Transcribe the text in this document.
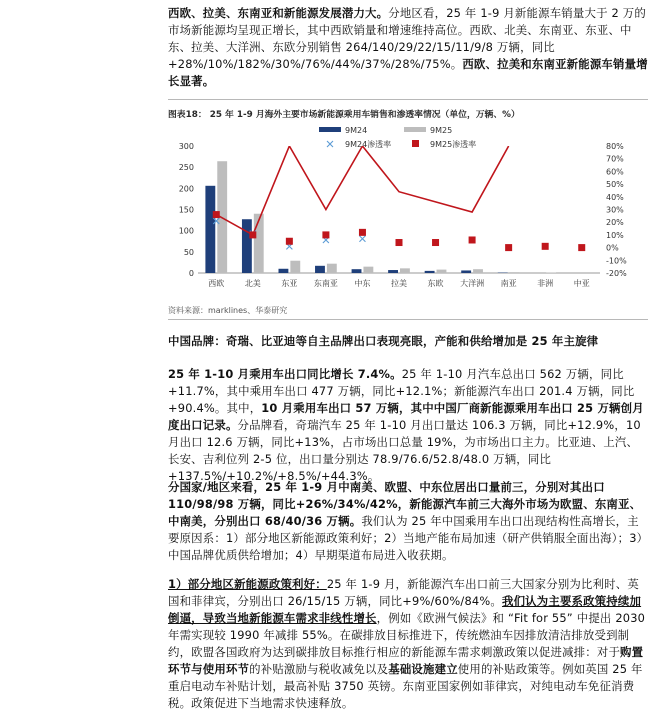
西欧、拉美、东南亚和新能源发展潜力大。分地区看，25 年 1-9 月新能源车销量大于 2 万的市场新能源均呈现正增长，其中西欧销量和增速维持高位。西欧、北美、东南亚、东亚、中东、拉美、大洋洲、东欧分别销售 264/140/29/22/15/11/9/8 万辆，同比+28%/10%/182%/30%/76%/44%/37%/28%/75%。西欧、拉美和东南亚新能源车销量增长显著。
图表18： 25 年 1-9 月海外主要市场新能源乘用车销售和渗透率情况（单位，万辆、%）
0
50
100
150
200
250
300
-20%
-10%
0%
10%
20%
30%
40%
50%
60%
70%
80%
西欧	北美	东亚 东南亚 中东	拉美	东欧 大洋洲 南亚	非洲	中亚
9M24	9M25
9M24渗透率	9M25渗透率
资料来源：marklines、华泰研究
中国品牌：奇瑞、比亚迪等自主品牌出口表现亮眼，产能和供给增加是 25 年主旋律
25 年 1-10 月乘用车出口同比增长 7.4%。25 年 1-10 月汽车总出口 562 万辆，同比+11.7%，其中乘用车出口 477 万辆，同比+12.1%；新能源汽车出口 201.4 万辆，同比+90.4%。其中，10 月乘用车出口 57 万辆，其中中国厂商新能源乘用车出口 25 万辆创月度出口记录。分品牌看，奇瑞汽车 25 年 1-10 月出口量达 106.3 万辆，同比+12.9%，10 月出口 12.6 万辆，同比+13%，占市场出口总量 19%，为市场出口主力。比亚迪、上汽、长安、吉利位列 2-5 位，出口量分别达 78.9/76.6/52.8/48.0 万辆，同比+137.5%/+10.2%/+8.5%/+44.3%。
分国家/地区来看，25 年 1-9 月中南美、欧盟、中东位居出口量前三，分别对其出口 110/98/98 万辆，同比+26%/34%/42%，新能源汽车前三大海外市场为欧盟、东南亚、中南美，分别出口 68/40/36 万辆。我们认为 25 年中国乘用车出口出现结构性高增长，主要原因系：1）部分地区新能源政策利好；2）当地产能布局加速（研产供销服全面出海）；3）中国品牌优质供给增加；4）早期渠道布局进入收获期。
1）部分地区新能源政策利好：25 年 1-9 月，新能源汽车出口前三大国家分别为比利时、英国和菲律宾，分别出口 26/15/15 万辆，同比+9%/60%/84%。我们认为主要系政策持续加倒逼，导致当地新能源车需求非线性增长，例如《欧洲气候法》和 “Fit for 55” 中提出 2030 年需实现较 1990 年减排 55%。在碳排放目标推进下，传统燃油车因排放清洁排放受到制约，欧盟各国政府为达到碳排放目标推行相应的新能源车需求刺激政策以促进减排：对于购置环节与使用环节的补贴激励与税收减免以及基础设施建立使用的补贴政策等。例如英国 25 年重启电动车补贴计划，最高补贴 3750 英镑。东南亚国家例如菲律宾，对纯电动车免征消费税。政策促进下当地需求快速释放。
